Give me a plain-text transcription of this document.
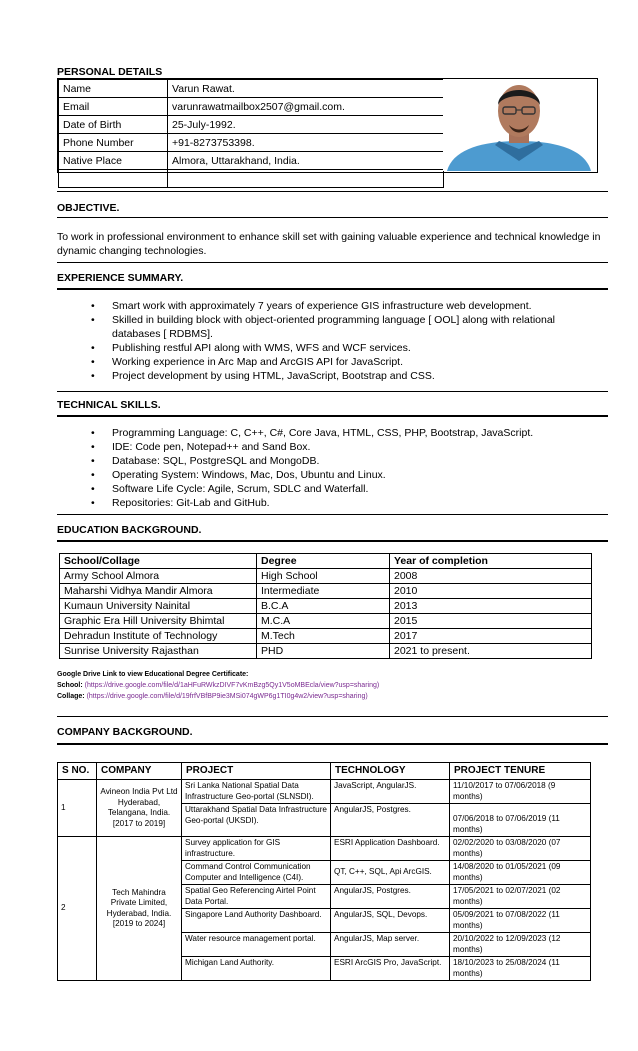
PERSONAL DETAILS
Name	Varun Rawat.
Email	varunrawatmailbox2507@gmail.com.
Date of Birth	25-July-1992.
Phone Number	+91-8273753398.
Native Place	Almora, Uttarakhand, India.

OBJECTIVE.
To work in professional environment to enhance skill set with gaining valuable experience and technical knowledge in dynamic changing technologies.
EXPERIENCE SUMMARY.
• Smart work with approximately 7 years of experience GIS infrastructure web development.
• Skilled in building block with object-oriented programming language [ OOL] along with relational databases [ RDBMS].
• Publishing restful API along with WMS, WFS and WCF services.
• Working experience in Arc Map and ArcGIS API for JavaScript.
• Project development by using HTML, JavaScript, Bootstrap and CSS.
TECHNICAL SKILLS.
• Programming Language: C, C++, C#, Core Java, HTML, CSS, PHP, Bootstrap, JavaScript.
• IDE: Code pen, Notepad++ and Sand Box.
• Database: SQL, PostgreSQL and MongoDB.
• Operating System: Windows, Mac, Dos, Ubuntu and Linux.
• Software Life Cycle: Agile, Scrum, SDLC and Waterfall.
• Repositories: Git-Lab and GitHub.
EDUCATION BACKGROUND.
School/Collage	Degree	Year of completion
Army School Almora	High School	2008
Maharshi Vidhya Mandir Almora	Intermediate	2010
Kumaun University Nainital	B.C.A	2013
Graphic Era Hill University Bhimtal	M.C.A	2015
Dehradun Institute of Technology	M.Tech	2017
Sunrise University Rajasthan	PHD	2021 to present.
Google Drive Link to view Educational Degree Certificate:
School: (https://drive.google.com/file/d/1aHFuRWkzDIVF7vKmBzg5Qy1V5oMBEcla/view?usp=sharing)
Collage: (https://drive.google.com/file/d/19frfVBfBP9ie3MSi074gWP6g1TI0g4w2/view?usp=sharing)
COMPANY BACKGROUND.
S NO.	COMPANY	PROJECT	TECHNOLOGY	PROJECT TENURE
1	Avineon India Pvt Ltd Hyderabad, Telangana, India. [2017 to 2019]	Sri Lanka National Spatial Data Infrastructure Geo-portal (SLNSDI).	JavaScript, AngularJS.	11/10/2017 to 07/06/2018 (9 months)
		Uttarakhand Spatial Data Infrastructure Geo-portal (UKSDI).	AngularJS, Postgres.	07/06/2018 to 07/06/2019 (11 months)
2	Tech Mahindra Private Limited, Hyderabad, India. [2019 to 2024]	Survey application for GIS infrastructure.	ESRI Application Dashboard.	02/02/2020 to 03/08/2020 (07 months)
		Command Control Communication Computer and Intelligence (C4I).	QT, C++, SQL, Api ArcGIS.	14/08/2020 to 01/05/2021 (09 months)
		Spatial Geo Referencing Airtel Point Data Portal.	AngularJS, Postgres.	17/05/2021 to 02/07/2021 (02 months)
		Singapore Land Authority Dashboard.	AngularJS, SQL, Devops.	05/09/2021 to 07/08/2022 (11 months)
		Water resource management portal.	AngularJS, Map server.	20/10/2022 to 12/09/2023 (12 months)
		Michigan Land Authority.	ESRI ArcGIS Pro, JavaScript.	18/10/2023 to 25/08/2024 (11 months)
